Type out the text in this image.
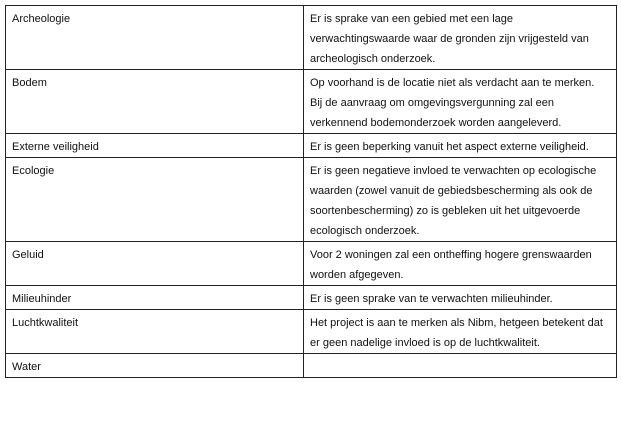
Archeologie	Er is sprake van een gebied met een lage verwachtingswaarde waar de gronden zijn vrijgesteld van archeologisch onderzoek.
Bodem	Op voorhand is de locatie niet als verdacht aan te merken. Bij de aanvraag om omgevingsvergunning zal een verkennend bodemonderzoek worden aangeleverd.
Externe veiligheid	Er is geen beperking vanuit het aspect externe veiligheid.
Ecologie	Er is geen negatieve invloed te verwachten op ecologische waarden (zowel vanuit de gebiedsbescherming als ook de soortenbescherming) zo is gebleken uit het uitgevoerde ecologisch onderzoek.
Geluid	Voor 2 woningen zal een ontheffing hogere grenswaarden worden afgegeven.
Milieuhinder	Er is geen sprake van te verwachten milieuhinder.
Luchtkwaliteit	Het project is aan te merken als Nibm, hetgeen betekent dat er geen nadelige invloed is op de luchtkwaliteit.
Water	
